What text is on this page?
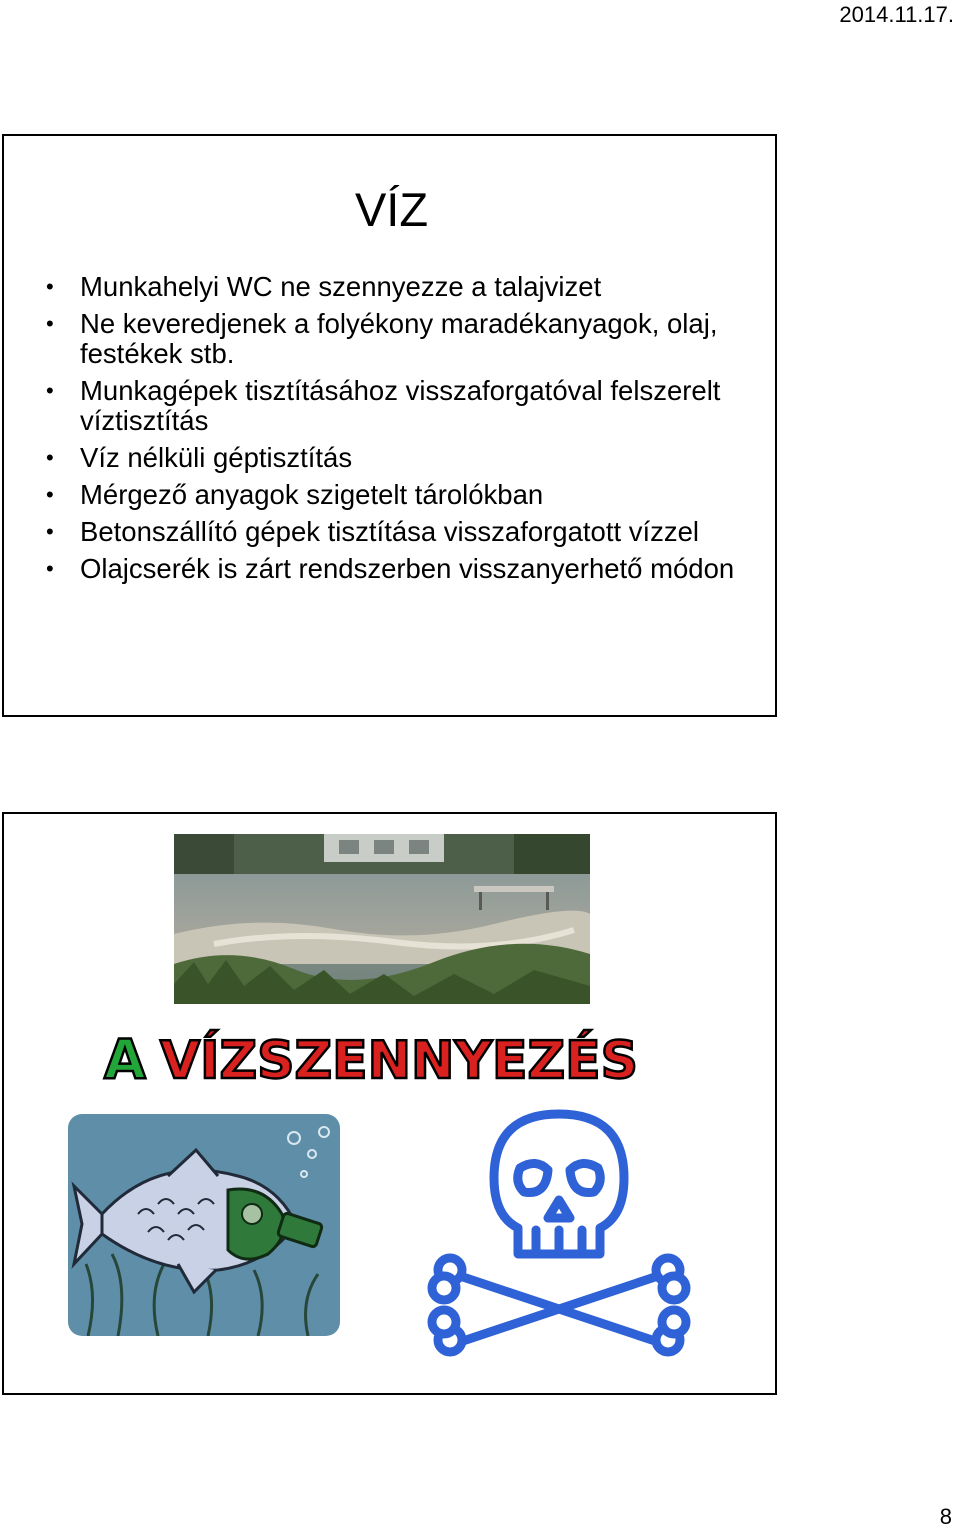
2014.11.17.
VÍZ
• Munkahelyi WC ne szennyezze a talajvizet
• Ne keveredjenek a folyékony maradékanyagok, olaj, festékek stb.
• Munkagépek tisztításához visszaforgatóval felszerelt víztisztítás
• Víz nélküli géptisztítás
• Mérgező anyagok szigetelt tárolókban
• Betonszállító gépek tisztítása visszaforgatott vízzel
• Olajcserék is zárt rendszerben visszanyerhető módon
A VÍZSZENNYEZÉS
8
